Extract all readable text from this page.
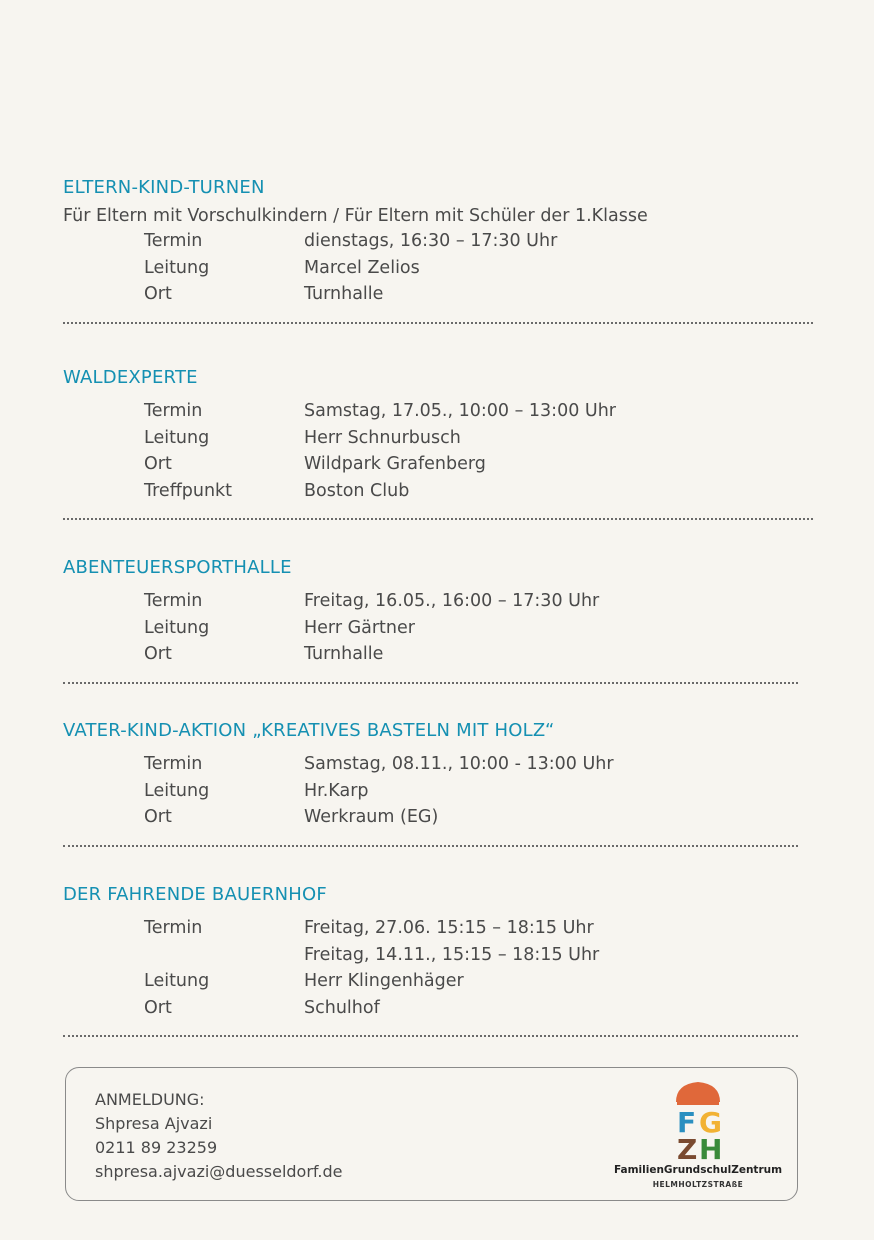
ELTERN-KIND-TURNEN
Für Eltern mit Vorschulkindern / Für Eltern mit Schüler der 1.Klasse
Termin	dienstags, 16:30 – 17:30 Uhr
Leitung	Marcel Zelios
Ort	Turnhalle
WALDEXPERTE
Termin	Samstag, 17.05., 10:00 – 13:00 Uhr
Leitung	Herr Schnurbusch
Ort	Wildpark Grafenberg
Treffpunkt	Boston Club
ABENTEUERSPORTHALLE
Termin	Freitag, 16.05., 16:00 – 17:30 Uhr
Leitung	Herr Gärtner
Ort	Turnhalle
VATER-KIND-AKTION „KREATIVES BASTELN MIT HOLZ“
Termin	Samstag, 08.11., 10:00 - 13:00 Uhr
Leitung	Hr.Karp
Ort	Werkraum (EG)
DER FAHRENDE BAUERNHOF
Termin	Freitag, 27.06. 15:15 – 18:15 Uhr
Freitag, 14.11., 15:15 – 18:15 Uhr
Leitung	Herr Klingenhäger
Ort	Schulhof
ANMELDUNG:
Shpresa Ajvazi
0211 89 23259
shpresa.ajvazi@duesseldorf.de
F G
Z H
FamilienGrundschulZentrum
HELMHOLTZSTRAßE
